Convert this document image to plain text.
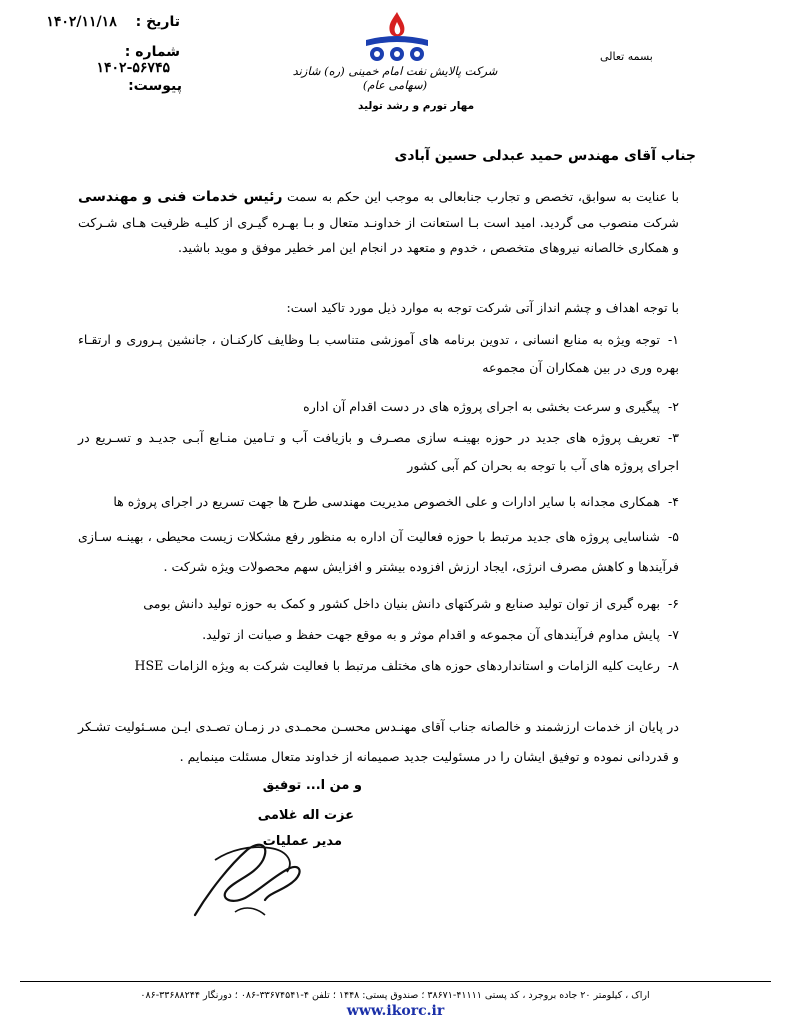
تاریخ : ۱۴۰۲/۱۱/۱۸
شماره : ۱۴۰۲-۵۶۷۴۵
پیوست:
بسمه تعالی
شرکت پالایش نفت امام خمینی (ره) شازند (سهامی عام)
مهار تورم و رشد تولید
جناب آقای مهندس حمید عبدلی حسین آبادی

با عنایت به سوابق، تخصص و تجارب جنابعالی به موجب این حکم به سمت رئیس خدمات فنی و مهندسی شرکت منصوب می گردید. امید است بـا استعانت از خداونـد متعال و بـا بهـره گیـری از کلیـه ظرفیت هـای شـرکت و همکاری خالصانه نیروهای متخصص ، خدوم و متعهد در انجام این امر خطیر موفق و موید باشید.

با توجه اهداف و چشم انداز آتی شرکت توجه به موارد ذیل مورد تاکید است:
۱-توجه ویژه به منابع انسانی ، تدوین برنامه های آموزشی متناسب بـا وظایف کارکنـان ، جانشین پـروری و ارتقـاء بهره وری در بین همکاران آن مجموعه
۲-پیگیری و سرعت بخشی به اجرای پروژه های در دست اقدام آن اداره
۳-تعریف پروژه های جدید در حوزه بهینـه سازی مصـرف و بازیافت آب و تـامین منـابع آبـی جدیـد و تسـریع در اجرای پروژه های آب با توجه به بحران کم آبی کشور
۴-همکاری مجدانه با سایر ادارات و علی الخصوص مدیریت مهندسی طرح ها جهت تسریع در اجرای پروژه ها
۵-شناسایی پروژه های جدید مرتبط با حوزه فعالیت آن اداره به منظور رفع مشکلات زیست محیطی ، بهینـه سـازی فرآیندها و کاهش مصرف انرژی، ایجاد ارزش افزوده بیشتر و افزایش سهم محصولات ویژه شرکت .
۶-بهره گیری از توان تولید صنایع و شرکتهای دانش بنیان داخل کشور و کمک به حوزه تولید دانش بومی
۷-پایش مداوم فرآیندهای آن مجموعه و اقدام موثر و به موقع جهت حفظ و صیانت از تولید.
۸-رعایت کلیه الزامات و استانداردهای حوزه های مختلف مرتبط با فعالیت شرکت به ویژه الزامات HSE
در پایان از خدمات ارزشمند و خالصانه جناب آقای مهنـدس محسـن محمـدی در زمـان تصـدی ایـن مسـئولیت تشـکر و قدردانی نموده و توفیق ایشان را در مسئولیت جدید صمیمانه از خداوند متعال مسئلت مینمایم .
و من ا... توفیق
عزت اله غلامی
مدیر عملیات
اراک ، کیلومتر ۲۰ جاده بروجرد ، کد پستی ۴۱۱۱۱-۳۸۶۷۱ ؛ صندوق پستی: ۱۴۴۸ ؛ تلفن ۴-۳۳۶۷۴۵۴۱-۰۸۶ ؛ دورنگار ۳۳۶۸۸۲۴۴-۰۸۶
www.ikorc.ir
